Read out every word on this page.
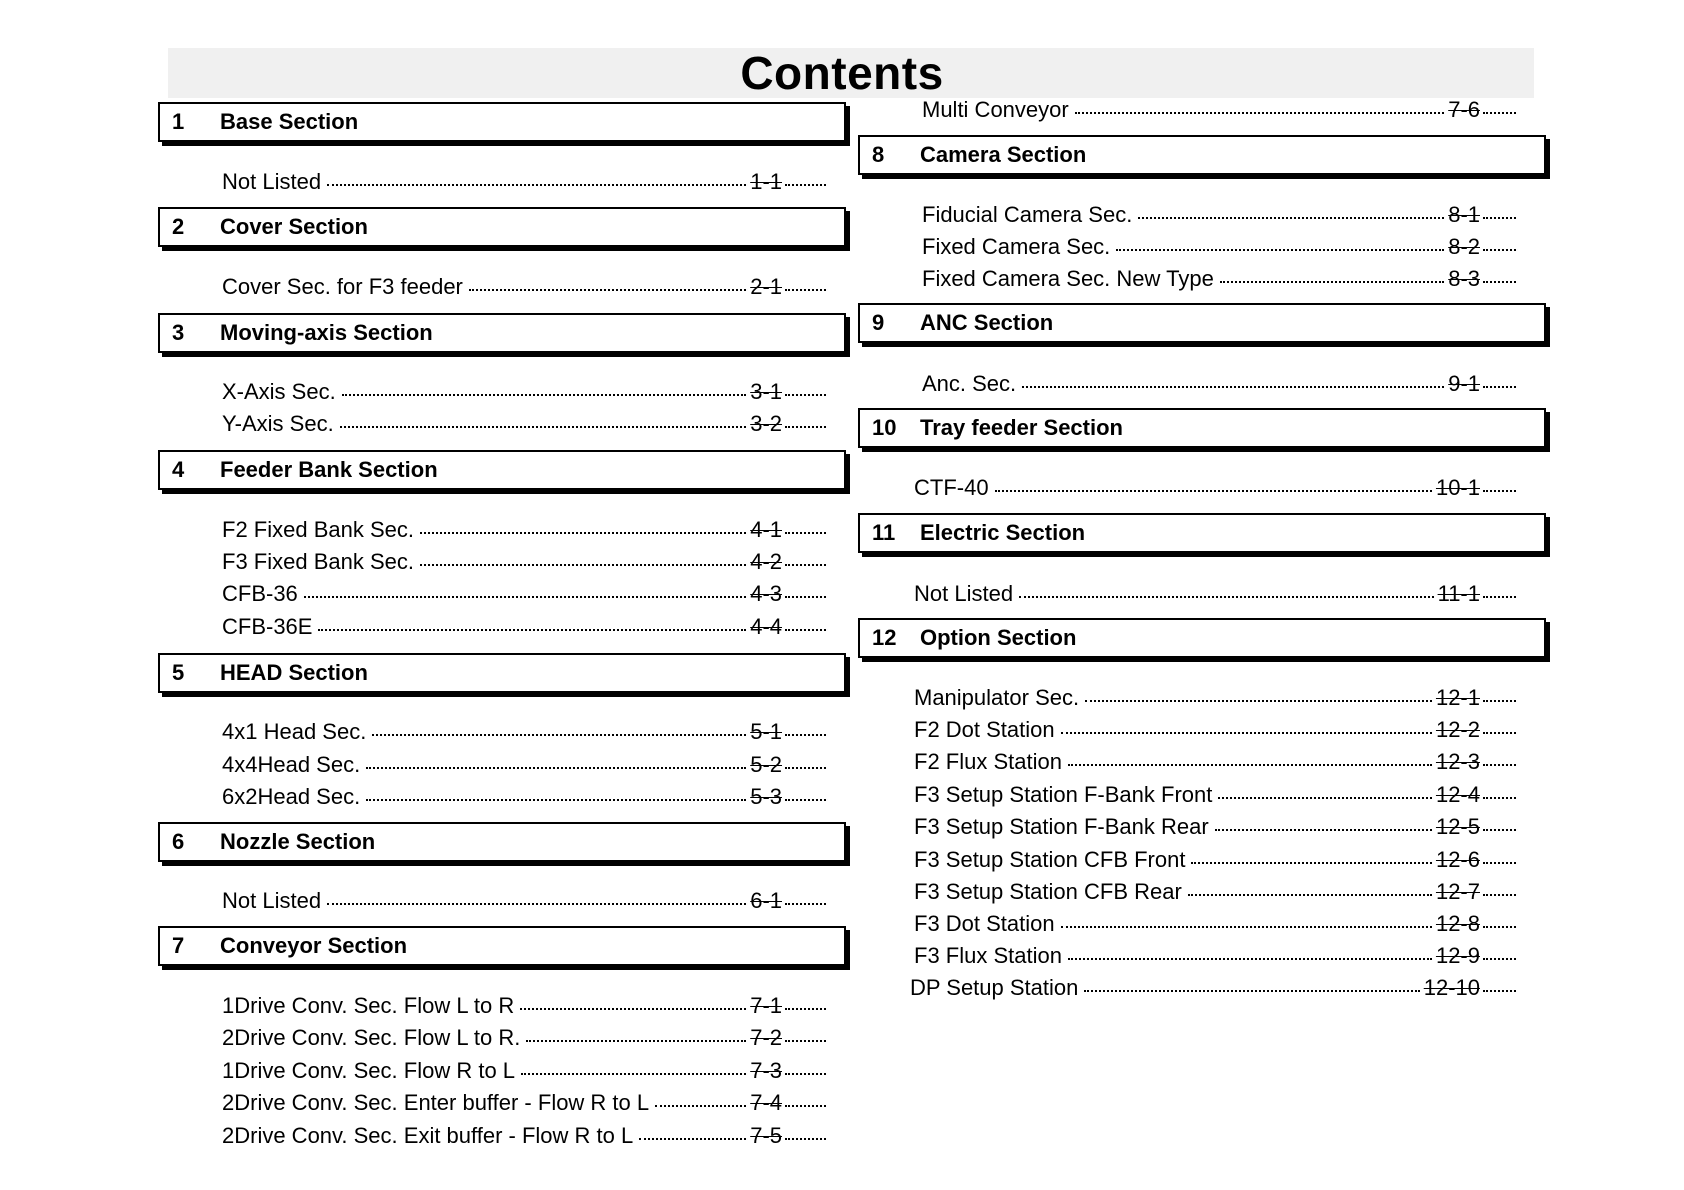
Contents
1 Base Section
Not Listed	1-1
2 Cover Section
Cover Sec. for F3 feeder	2-1
3 Moving-axis Section
X-Axis Sec.	3-1
Y-Axis Sec.	3-2
4 Feeder Bank Section
F2 Fixed Bank Sec.	4-1
F3 Fixed Bank Sec.	4-2
CFB-36	4-3
CFB-36E	4-4
5 HEAD Section
4x1 Head Sec.	5-1
4x4Head Sec.	5-2
6x2Head Sec.	5-3
6 Nozzle Section
Not Listed	6-1
7 Conveyor Section
1Drive Conv. Sec. Flow L to R	7-1
2Drive Conv. Sec. Flow L to R.	7-2
1Drive Conv. Sec. Flow R to L	7-3
2Drive Conv. Sec. Enter buffer - Flow R to L	7-4
2Drive Conv. Sec. Exit buffer - Flow R to L	7-5
Multi Conveyor	7-6
8 Camera Section
Fiducial Camera Sec.	8-1
Fixed Camera Sec.	8-2
Fixed Camera Sec. New Type	8-3
9 ANC Section
Anc. Sec.	9-1
10 Tray feeder Section
CTF-40	10-1
11 Electric Section
Not Listed	11-1
12 Option Section
Manipulator Sec.	12-1
F2 Dot Station	12-2
F2 Flux Station	12-3
F3 Setup Station F-Bank Front	12-4
F3 Setup Station F-Bank Rear	12-5
F3 Setup Station CFB Front	12-6
F3 Setup Station CFB Rear	12-7
F3 Dot Station	12-8
F3 Flux Station	12-9
DP Setup Station	12-10
